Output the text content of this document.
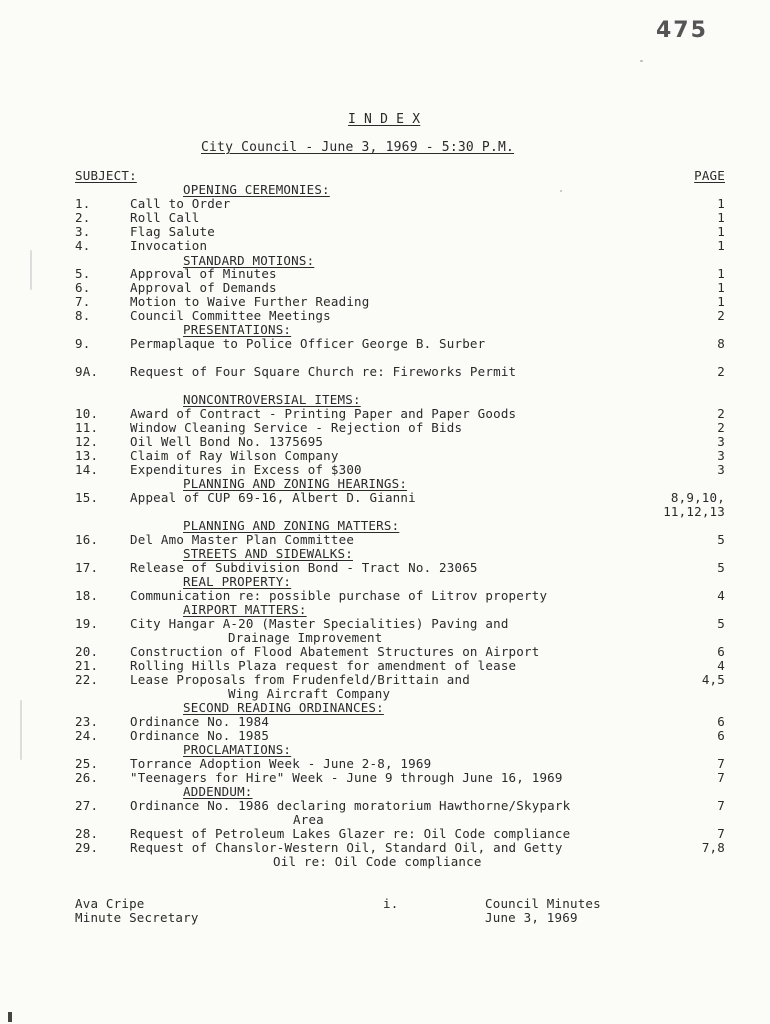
475
I N D E X
City Council - June 3, 1969 - 5:30 P.M.
SUBJECT:	PAGE
OPENING CEREMONIES:
1.	Call to Order	1
2.	Roll Call	1
3.	Flag Salute	1
4.	Invocation	1
STANDARD MOTIONS:
5.	Approval of Minutes	1
6.	Approval of Demands	1
7.	Motion to Waive Further Reading	1
8.	Council Committee Meetings	2
PRESENTATIONS:
9.	Permaplaque to Police Officer George B. Surber	8
9A.	Request of Four Square Church re: Fireworks Permit	2
NONCONTROVERSIAL ITEMS:
10.	Award of Contract - Printing Paper and Paper Goods	2
11.	Window Cleaning Service - Rejection of Bids	2
12.	Oil Well Bond No. 1375695	3
13.	Claim of Ray Wilson Company	3
14.	Expenditures in Excess of $300	3
PLANNING AND ZONING HEARINGS:
15.	Appeal of CUP 69-16, Albert D. Gianni	8,9,10,
11,12,13
PLANNING AND ZONING MATTERS:
16.	Del Amo Master Plan Committee	5
STREETS AND SIDEWALKS:
17.	Release of Subdivision Bond - Tract No. 23065	5
REAL PROPERTY:
18.	Communication re: possible purchase of Litrov property	4
AIRPORT MATTERS:
19.	City Hangar A-20 (Master Specialities) Paving and	5
Drainage Improvement
20.	Construction of Flood Abatement Structures on Airport	6
21.	Rolling Hills Plaza request for amendment of lease	4
22.	Lease Proposals from Frudenfeld/Brittain and	4,5
Wing Aircraft Company
SECOND READING ORDINANCES:
23.	Ordinance No. 1984	6
24.	Ordinance No. 1985	6
PROCLAMATIONS:
25.	Torrance Adoption Week - June 2-8, 1969	7
26.	"Teenagers for Hire" Week - June 9 through June 16, 1969	7
ADDENDUM:
27.	Ordinance No. 1986 declaring moratorium Hawthorne/Skypark	7
Area
28.	Request of Petroleum Lakes Glazer re: Oil Code compliance	7
29.	Request of Chanslor-Western Oil, Standard Oil, and Getty	7,8
Oil re: Oil Code compliance
Ava Cripe
Minute Secretary
i.	Council Minutes
June 3, 1969
